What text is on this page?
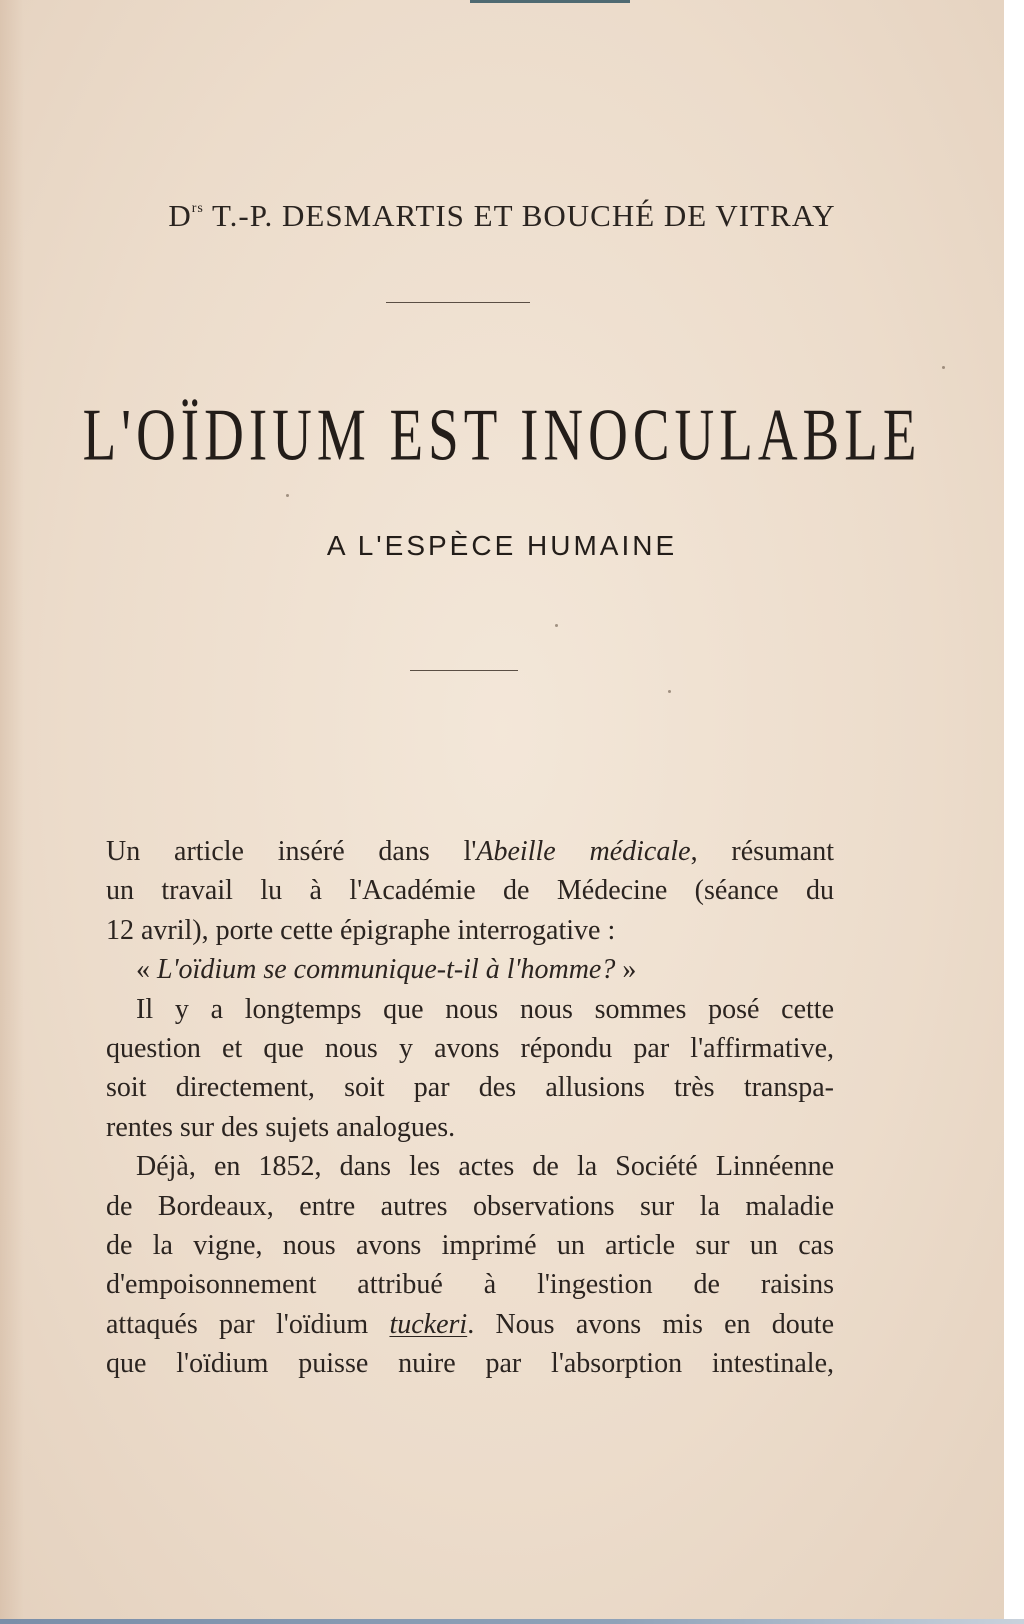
$D^{rs}$ T.-P. DESMARTIS ET BOUCHÉ DE VITRAY
L'OÏDIUM EST INOCULABLE
A L'ESPÈCE HUMAINE
Un article inséré dans l'Abeille médicale, résumant
un travail lu à l'Académie de Médecine (séance du
12 avril), porte cette épigraphe interrogative :
« L'oïdium se communique-t-il à l'homme? »
Il y a longtemps que nous nous sommes posé cette
question et que nous y avons répondu par l'affirmative,
soit directement, soit par des allusions très transpa-
rentes sur des sujets analogues.
Déjà, en 1852, dans les actes de la Société Linnéenne
de Bordeaux, entre autres observations sur la maladie
de la vigne, nous avons imprimé un article sur un cas
d'empoisonnement attribué à l'ingestion de raisins
attaqués par l'oïdium tuckeri. Nous avons mis en doute
que l'oïdium puisse nuire par l'absorption intestinale,
